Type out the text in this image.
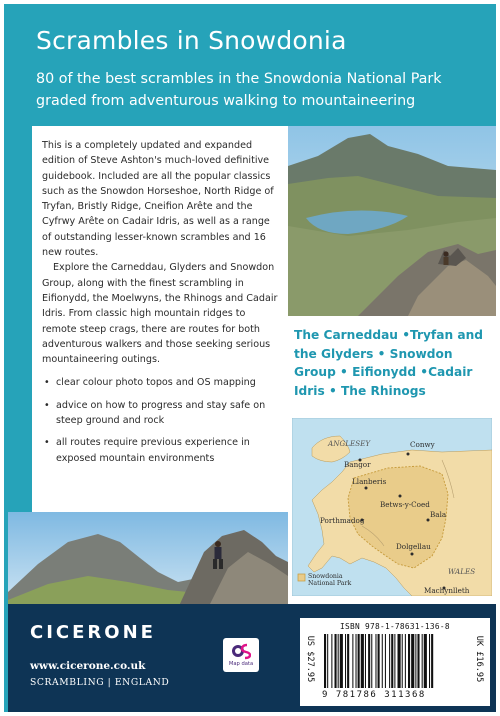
Scrambles in Snowdonia
80 of the best scrambles in the Snowdonia National Park
graded from adventurous walking to mountaineering

This is a completely updated and expanded edition of Steve Ashton's much-loved definitive guidebook. Included are all the popular classics such as the Snowdon Horseshoe, North Ridge of Tryfan, Bristly Ridge, Cneifion Arête and the Cyfrwy Arête on Cadair Idris, as well as a range of outstanding lesser-known scrambles and 16 new routes.

Explore the Carneddau, Glyders and Snowdon Group, along with the finest scrambling in Eifionydd, the Moelwyns, the Rhinogs and Cadair Idris. From classic high mountain ridges to remote steep crags, there are routes for both adventurous walkers and those seeking serious mountaineering outings.

• clear colour photo topos and OS mapping
• advice on how to progress and stay safe on steep ground and rock
• all routes require previous experience in exposed mountain environments
The Carneddau •Tryfan and the Glyders • Snowdon Group • Eifionydd •Cadair Idris • The Rhinogs
ANGLESEY
Bangor
Conwy
Llanberis
Betws-y-Coed
Porthmadog
Bala
Dolgellau
WALES
Machynlleth
Snowdonia
National Park
CICERONE
www.cicerone.co.uk
SCRAMBLING | ENGLAND
Map data	US $27.95
ISBN 978-1-78631-136-8
9 781786 311368
UK £16.95
